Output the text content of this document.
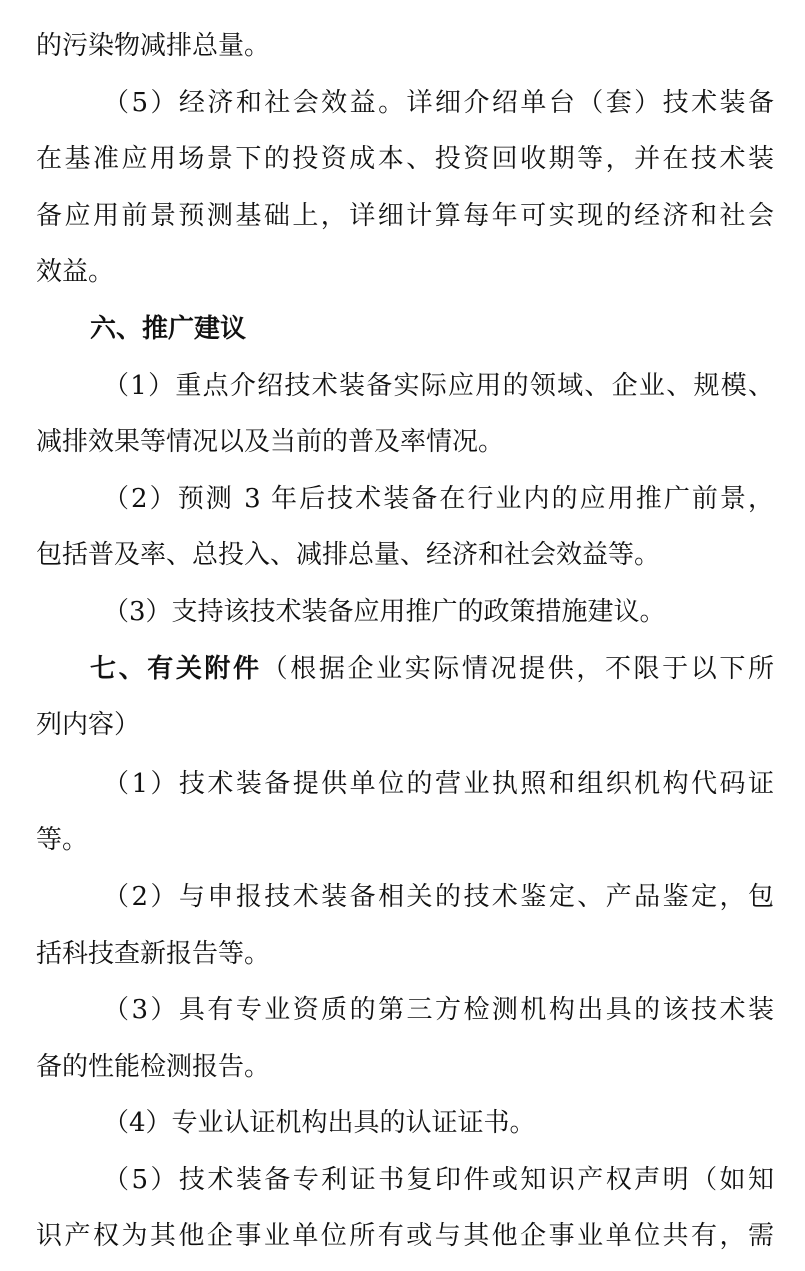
的污染物减排总量。
（5）经济和社会效益。详细介绍单台（套）技术装备
在基准应用场景下的投资成本、投资回收期等，并在技术装
备应用前景预测基础上，详细计算每年可实现的经济和社会
效益。
六、推广建议
（1）重点介绍技术装备实际应用的领域、企业、规模、
减排效果等情况以及当前的普及率情况。
（2）预测 3 年后技术装备在行业内的应用推广前景，
包括普及率、总投入、减排总量、经济和社会效益等。
（3）支持该技术装备应用推广的政策措施建议。
七、有关附件（根据企业实际情况提供，不限于以下所
列内容）
（1）技术装备提供单位的营业执照和组织机构代码证
等。
（2）与申报技术装备相关的技术鉴定、产品鉴定，包
括科技查新报告等。
（3）具有专业资质的第三方检测机构出具的该技术装
备的性能检测报告。
（4）专业认证机构出具的认证证书。
（5）技术装备专利证书复印件或知识产权声明（如知
识产权为其他企事业单位所有或与其他企事业单位共有，需
